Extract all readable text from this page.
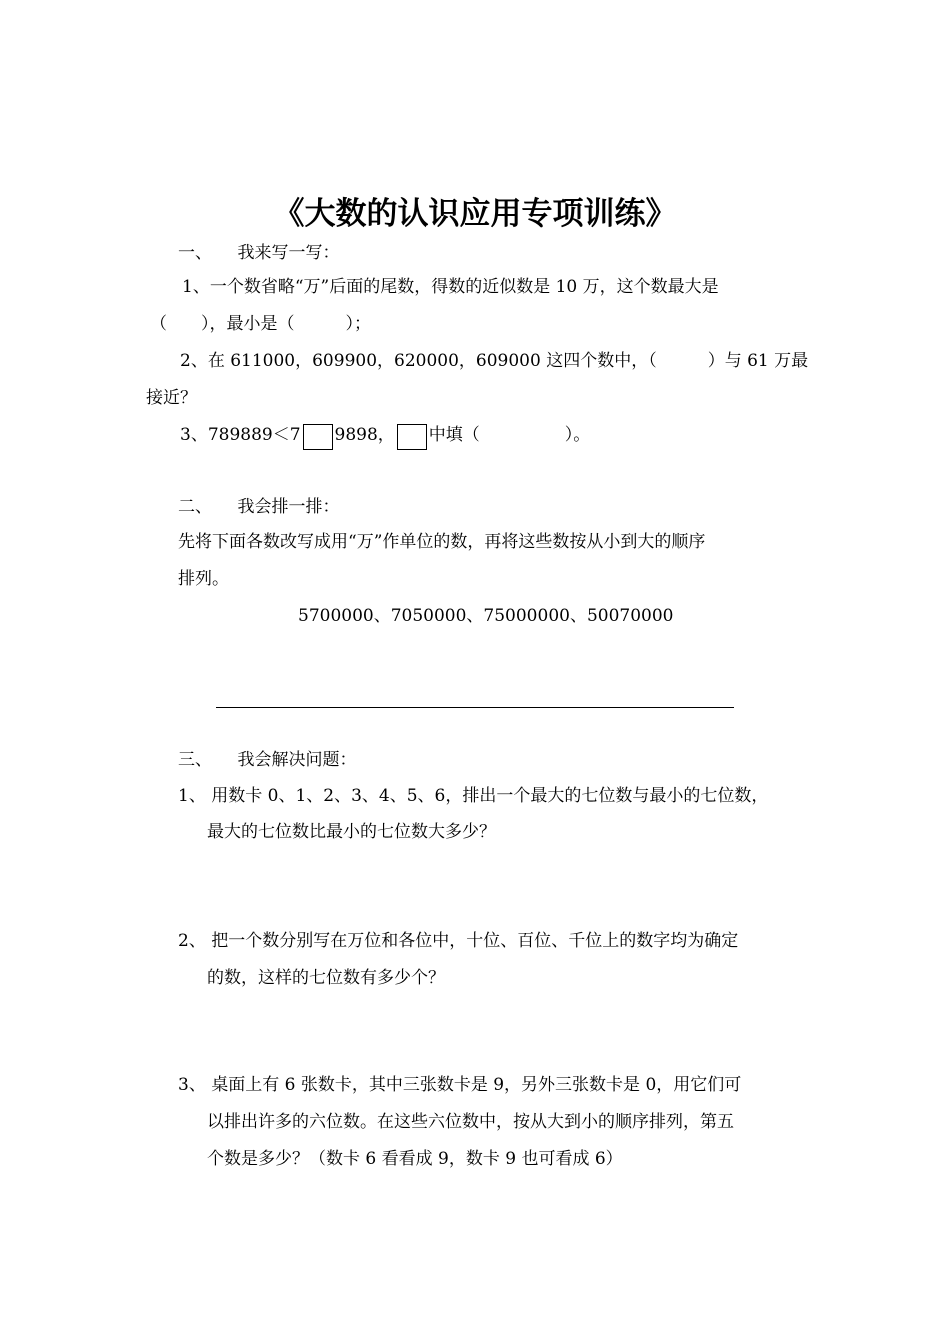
《大数的认识应用专项训练》
一、　　我来写一写：
1、一个数省略“万”后面的尾数，得数的近似数是 10 万，这个数最大是
（　　），最小是（　　　）；
2、在 611000，609900，620000，609000 这四个数中，（　　　）与 61 万最
接近？
3、789889＜7 9898， 中填（　　　　　）。
二、　　我会排一排：
先将下面各数改写成用“万”作单位的数，再将这些数按从小到大的顺序
排列。
5700000、7050000、75000000、50070000
三、　　我会解决问题：
1、 用数卡 0、1、2、3、4、5、6，排出一个最大的七位数与最小的七位数，
最大的七位数比最小的七位数大多少？
2、 把一个数分别写在万位和各位中，十位、百位、千位上的数字均为确定
的数，这样的七位数有多少个？
3、 桌面上有 6 张数卡，其中三张数卡是 9，另外三张数卡是 0，用它们可
以排出许多的六位数。在这些六位数中，按从大到小的顺序排列，第五
个数是多少？（数卡 6 看看成 9，数卡 9 也可看成 6）
